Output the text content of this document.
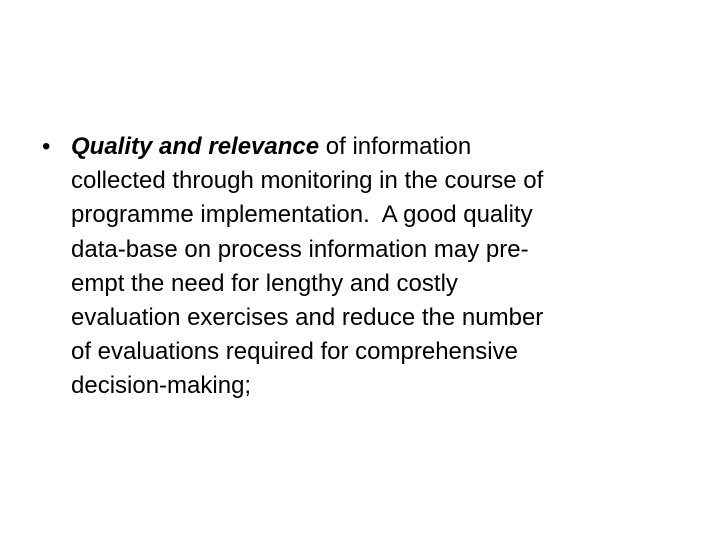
• Quality and relevance of information
collected through monitoring in the course of
programme implementation.  A good quality
data-base on process information may pre-
empt the need for lengthy and costly
evaluation exercises and reduce the number
of evaluations required for comprehensive
decision-making;
